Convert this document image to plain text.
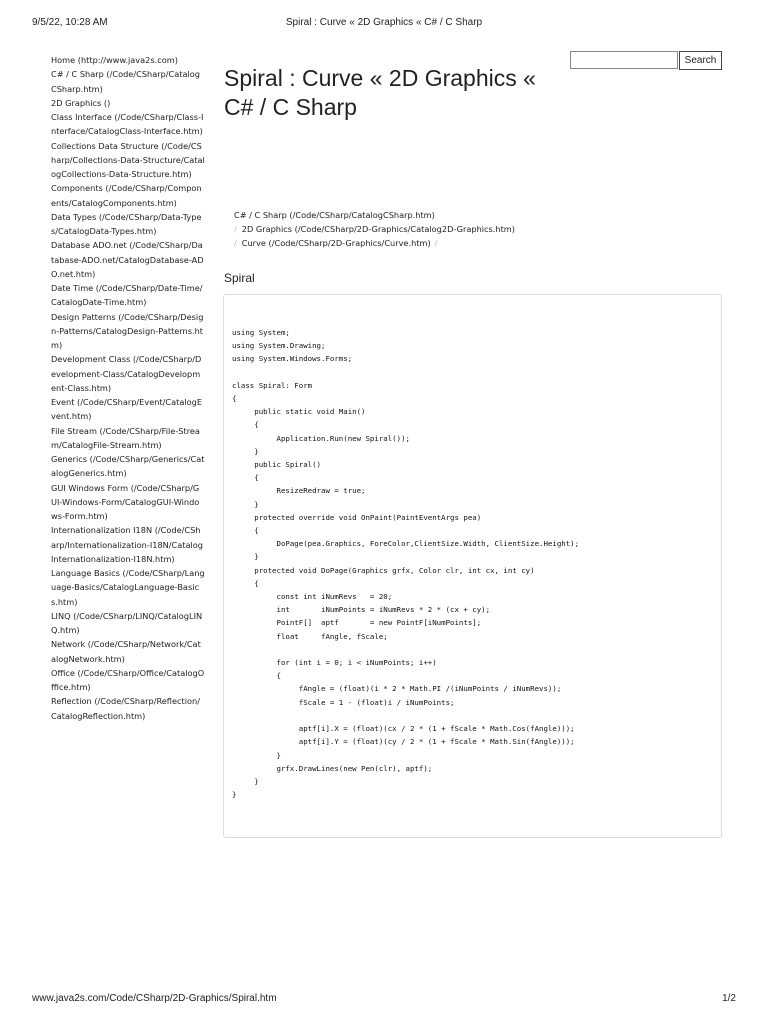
9/5/22, 10:28 AM	Spiral : Curve « 2D Graphics « C# / C Sharp
Home (http://www.java2s.com)
C# / C Sharp (/Code/CSharp/CatalogCSharp.htm)
2D Graphics ()
Class Interface (/Code/CSharp/Class-Interface/CatalogClass-Interface.htm)
Collections Data Structure (/Code/CSharp/Collections-Data-Structure/CatalogCollections-Data-Structure.htm)
Components (/Code/CSharp/Components/CatalogComponents.htm)
Data Types (/Code/CSharp/Data-Types/CatalogData-Types.htm)
Database ADO.net (/Code/CSharp/Database-ADO.net/CatalogDatabase-ADO.net.htm)
Date Time (/Code/CSharp/Date-Time/CatalogDate-Time.htm)
Design Patterns (/Code/CSharp/Design-Patterns/CatalogDesign-Patterns.htm)
Development Class (/Code/CSharp/Development-Class/CatalogDevelopment-Class.htm)
Event (/Code/CSharp/Event/CatalogEvent.htm)
File Stream (/Code/CSharp/File-Stream/CatalogFile-Stream.htm)
Generics (/Code/CSharp/Generics/CatalogGenerics.htm)
GUI Windows Form (/Code/CSharp/GUI-Windows-Form/CatalogGUI-Windows-Form.htm)
Internationalization I18N (/Code/CSharp/Internationalization-I18N/CatalogInternationalization-I18N.htm)
Language Basics (/Code/CSharp/Language-Basics/CatalogLanguage-Basics.htm)
LINQ (/Code/CSharp/LINQ/CatalogLINQ.htm)
Network (/Code/CSharp/Network/CatalogNetwork.htm)
Office (/Code/CSharp/Office/CatalogOffice.htm)
Reflection (/Code/CSharp/Reflection/CatalogReflection.htm)
Spiral : Curve « 2D Graphics « C# / C Sharp
Search
C# / C Sharp (/Code/CSharp/CatalogCSharp.htm)
/ 2D Graphics (/Code/CSharp/2D-Graphics/Catalog2D-Graphics.htm)
/ Curve (/Code/CSharp/2D-Graphics/Curve.htm) /
Spiral
using System;
using System.Drawing;
using System.Windows.Forms;

class Spiral: Form
{
public static void Main()
{
Application.Run(new Spiral());
}
public Spiral()
{
ResizeRedraw = true;
}
protected override void OnPaint(PaintEventArgs pea)
{
DoPage(pea.Graphics, ForeColor,ClientSize.Width, ClientSize.Height);
}
protected void DoPage(Graphics grfx, Color clr, int cx, int cy)
{
const int iNumRevs   = 20;
int       iNumPoints = iNumRevs * 2 * (cx + cy);
PointF[]  aptf       = new PointF[iNumPoints];
float     fAngle, fScale;

for (int i = 0; i < iNumPoints; i++)
{
fAngle = (float)(i * 2 * Math.PI /(iNumPoints / iNumRevs));
fScale = 1 - (float)i / iNumPoints;

aptf[i].X = (float)(cx / 2 * (1 + fScale * Math.Cos(fAngle)));
aptf[i].Y = (float)(cy / 2 * (1 + fScale * Math.Sin(fAngle)));
}
grfx.DrawLines(new Pen(clr), aptf);
}
}
www.java2s.com/Code/CSharp/2D-Graphics/Spiral.htm	1/2
